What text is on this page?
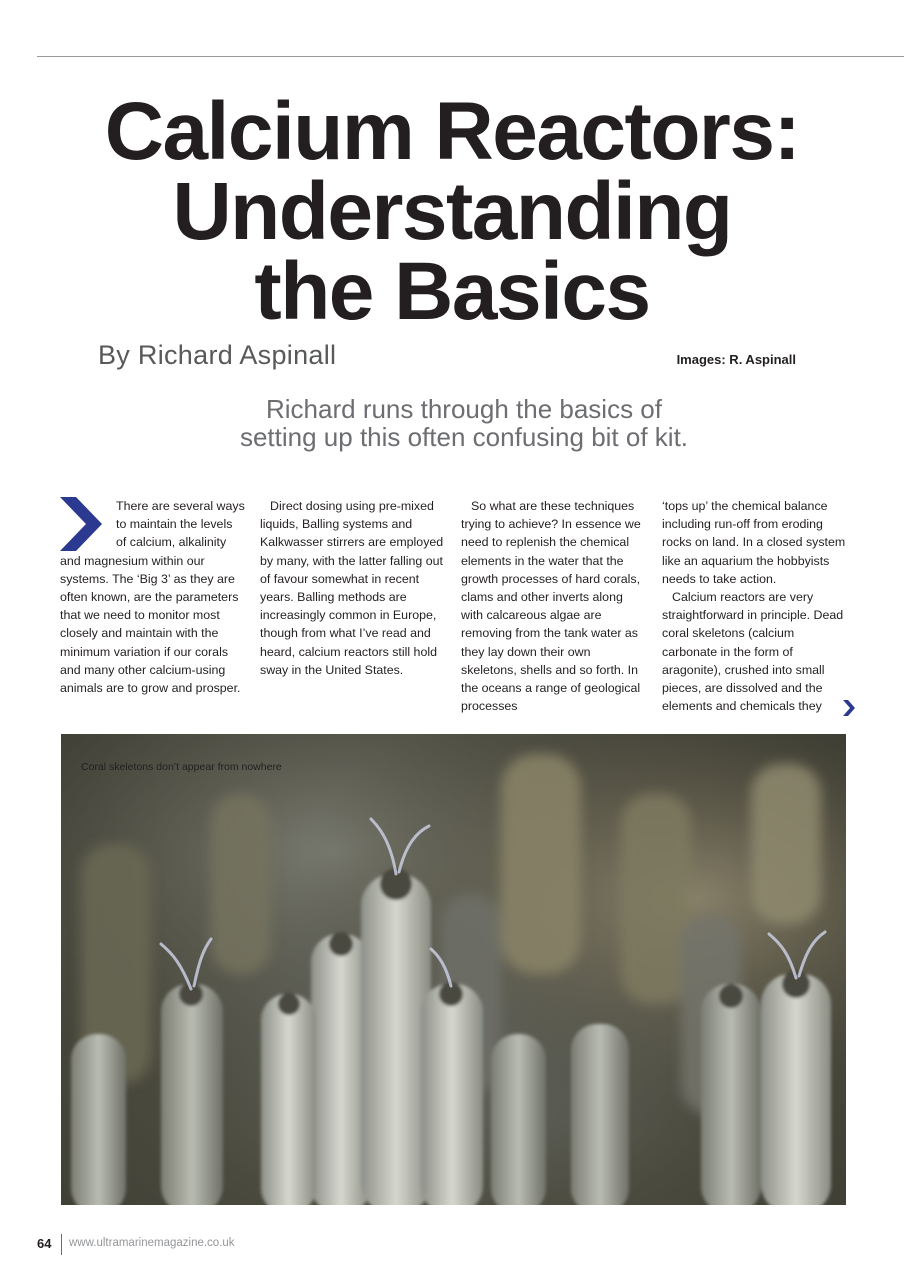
Calcium Reactors:
Understanding
the Basics
By Richard Aspinall	Images: R. Aspinall
Richard runs through the basics of
setting up this often confusing bit of kit.

There are several ways to maintain the levels of calcium, alkalinity and magnesium within our systems. The ‘Big 3’ as they are often known, are the parameters that we need to monitor most closely and maintain with the minimum variation if our corals and many other calcium-using animals are to grow and prosper.

Direct dosing using pre-mixed liquids, Balling systems and Kalkwasser stirrers are employed by many, with the latter falling out of favour somewhat in recent years. Balling methods are increasingly common in Europe, though from what I’ve read and heard, calcium reactors still hold sway in the United States.

So what are these techniques trying to achieve? In essence we need to replenish the chemical elements in the water that the growth processes of hard corals, clams and other inverts along with calcareous algae are removing from the tank water as they lay down their own skeletons, shells and so forth. In the oceans a range of geological processes

‘tops up’ the chemical balance including run-off from eroding rocks on land. In a closed system like an aquarium the hobbyists needs to take action.

Calcium reactors are very straightforward in principle. Dead coral skeletons (calcium carbonate in the form of aragonite), crushed into small pieces, are dissolved and the elements and chemicals they

Coral skeletons don’t appear from nowhere
64 www.ultramarinemagazine.co.uk
